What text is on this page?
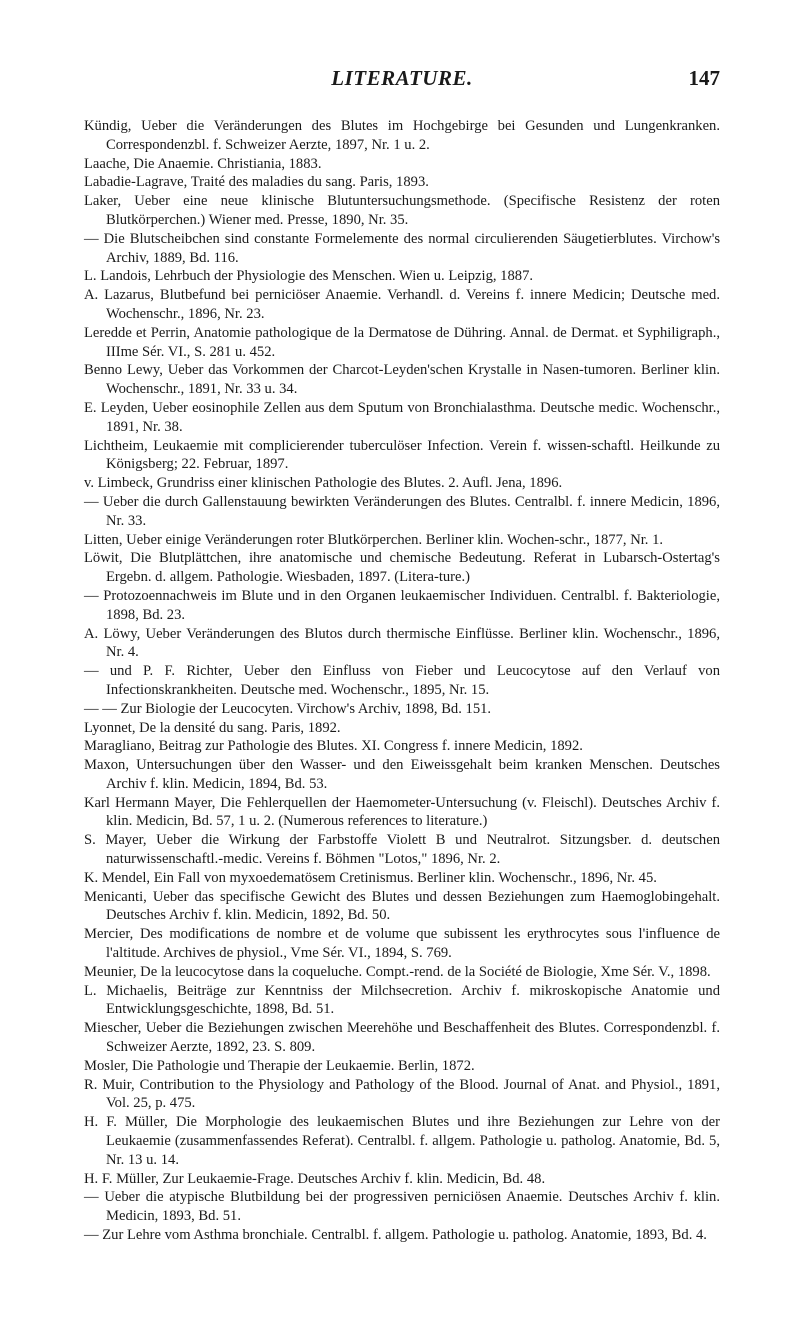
LITERATURE.	147
Kündig, Ueber die Veränderungen des Blutes im Hochgebirge bei Gesunden und Lungenkranken. Correspondenzbl. f. Schweizer Aerzte, 1897, Nr. 1 u. 2.
Laache, Die Anaemie. Christiania, 1883.
Labadie-Lagrave, Traité des maladies du sang. Paris, 1893.
Laker, Ueber eine neue klinische Blutuntersuchungsmethode. (Specifische Resistenz der roten Blutkörperchen.) Wiener med. Presse, 1890, Nr. 35.
— Die Blutscheibchen sind constante Formelemente des normal circulierenden Säugetierblutes. Virchow's Archiv, 1889, Bd. 116.
L. Landois, Lehrbuch der Physiologie des Menschen. Wien u. Leipzig, 1887.
A. Lazarus, Blutbefund bei perniciöser Anaemie. Verhandl. d. Vereins f. innere Medicin; Deutsche med. Wochenschr., 1896, Nr. 23.
Leredde et Perrin, Anatomie pathologique de la Dermatose de Dühring. Annal. de Dermat. et Syphiligraph., IIIme Sér. VI., S. 281 u. 452.
Benno Lewy, Ueber das Vorkommen der Charcot-Leyden'schen Krystalle in Nasen-tumoren. Berliner klin. Wochenschr., 1891, Nr. 33 u. 34.
E. Leyden, Ueber eosinophile Zellen aus dem Sputum von Bronchialasthma. Deutsche medic. Wochenschr., 1891, Nr. 38.
Lichtheim, Leukaemie mit complicierender tuberculöser Infection. Verein f. wissen-schaftl. Heilkunde zu Königsberg; 22. Februar, 1897.
v. Limbeck, Grundriss einer klinischen Pathologie des Blutes. 2. Aufl. Jena, 1896.
— Ueber die durch Gallenstauung bewirkten Veränderungen des Blutes. Centralbl. f. innere Medicin, 1896, Nr. 33.
Litten, Ueber einige Veränderungen roter Blutkörperchen. Berliner klin. Wochen-schr., 1877, Nr. 1.
Löwit, Die Blutplättchen, ihre anatomische und chemische Bedeutung. Referat in Lubarsch-Ostertag's Ergebn. d. allgem. Pathologie. Wiesbaden, 1897. (Litera-ture.)
— Protozoennachweis im Blute und in den Organen leukaemischer Individuen. Centralbl. f. Bakteriologie, 1898, Bd. 23.
A. Löwy, Ueber Veränderungen des Blutos durch thermische Einflüsse. Berliner klin. Wochenschr., 1896, Nr. 4.
— und P. F. Richter, Ueber den Einfluss von Fieber und Leucocytose auf den Verlauf von Infectionskrankheiten. Deutsche med. Wochenschr., 1895, Nr. 15.
— — Zur Biologie der Leucocyten. Virchow's Archiv, 1898, Bd. 151.
Lyonnet, De la densité du sang. Paris, 1892.
Maragliano, Beitrag zur Pathologie des Blutes. XI. Congress f. innere Medicin, 1892.
Maxon, Untersuchungen über den Wasser- und den Eiweissgehalt beim kranken Menschen. Deutsches Archiv f. klin. Medicin, 1894, Bd. 53.
Karl Hermann Mayer, Die Fehlerquellen der Haemometer-Untersuchung (v. Fleischl). Deutsches Archiv f. klin. Medicin, Bd. 57, 1 u. 2. (Numerous references to literature.)
S. Mayer, Ueber die Wirkung der Farbstoffe Violett B und Neutralrot. Sitzungsber. d. deutschen naturwissenschaftl.-medic. Vereins f. Böhmen "Lotos," 1896, Nr. 2.
K. Mendel, Ein Fall von myxoedematösem Cretinismus. Berliner klin. Wochenschr., 1896, Nr. 45.
Menicanti, Ueber das specifische Gewicht des Blutes und dessen Beziehungen zum Haemoglobingehalt. Deutsches Archiv f. klin. Medicin, 1892, Bd. 50.
Mercier, Des modifications de nombre et de volume que subissent les erythrocytes sous l'influence de l'altitude. Archives de physiol., Vme Sér. VI., 1894, S. 769.
Meunier, De la leucocytose dans la coqueluche. Compt.-rend. de la Société de Biologie, Xme Sér. V., 1898.
L. Michaelis, Beiträge zur Kenntniss der Milchsecretion. Archiv f. mikroskopische Anatomie und Entwicklungsgeschichte, 1898, Bd. 51.
Miescher, Ueber die Beziehungen zwischen Meerehöhe und Beschaffenheit des Blutes. Correspondenzbl. f. Schweizer Aerzte, 1892, 23. S. 809.
Mosler, Die Pathologie und Therapie der Leukaemie. Berlin, 1872.
R. Muir, Contribution to the Physiology and Pathology of the Blood. Journal of Anat. and Physiol., 1891, Vol. 25, p. 475.
H. F. Müller, Die Morphologie des leukaemischen Blutes und ihre Beziehungen zur Lehre von der Leukaemie (zusammenfassendes Referat). Centralbl. f. allgem. Pathologie u. patholog. Anatomie, Bd. 5, Nr. 13 u. 14.
H. F. Müller, Zur Leukaemie-Frage. Deutsches Archiv f. klin. Medicin, Bd. 48.
— Ueber die atypische Blutbildung bei der progressiven perniciösen Anaemie. Deutsches Archiv f. klin. Medicin, 1893, Bd. 51.
— Zur Lehre vom Asthma bronchiale. Centralbl. f. allgem. Pathologie u. patholog. Anatomie, 1893, Bd. 4.
